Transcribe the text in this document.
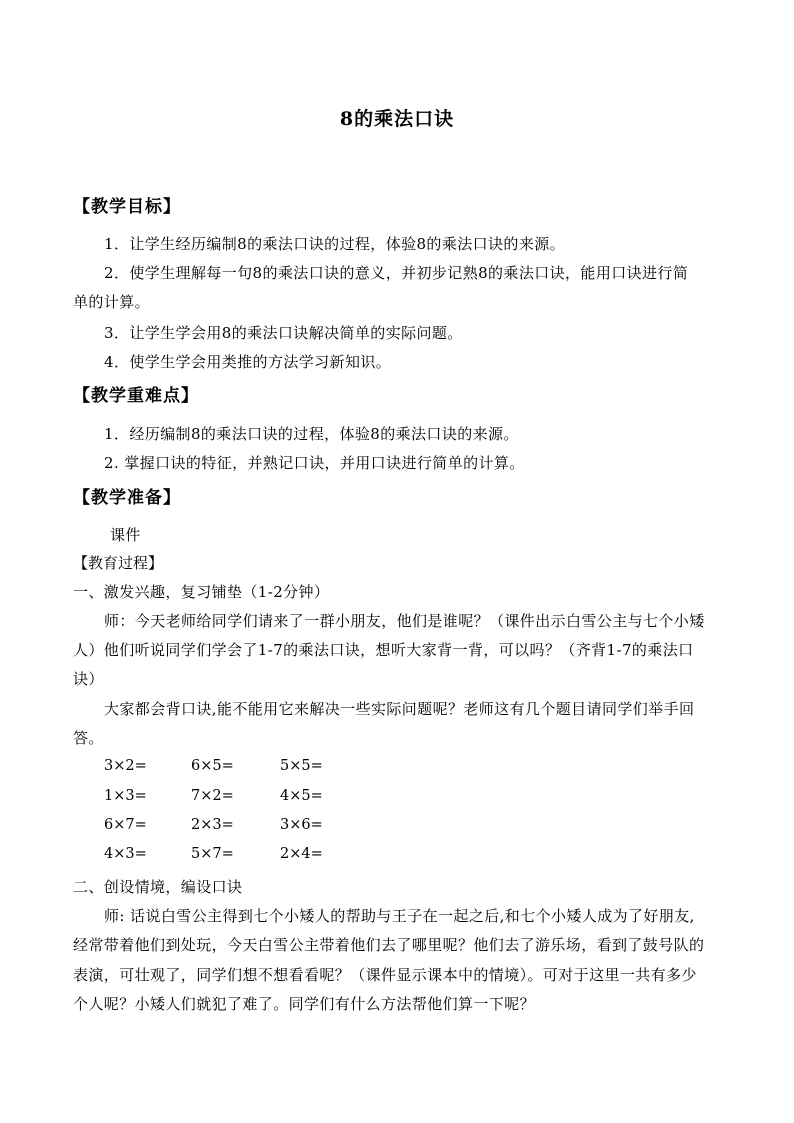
8的乘法口诀
【教学目标】
1．让学生经历编制8的乘法口诀的过程，体验8的乘法口诀的来源。
2．使学生理解每一句8的乘法口诀的意义，并初步记熟8的乘法口诀，能用口诀进行简
单的计算。
3．让学生学会用8的乘法口诀解决简单的实际问题。
4．使学生学会用类推的方法学习新知识。
【教学重难点】
1．经历编制8的乘法口诀的过程，体验8的乘法口诀的来源。
2. 掌握口诀的特征，并熟记口诀，并用口诀进行简单的计算。
【教学准备】
课件
【教育过程】
一、激发兴趣，复习铺垫（1-2分钟）
师：今天老师给同学们请来了一群小朋友，他们是谁呢？（课件出示白雪公主与七个小矮
人）他们听说同学们学会了1-7的乘法口诀，想听大家背一背，可以吗？（齐背1-7的乘法口
诀）
大家都会背口诀,能不能用它来解决一些实际问题呢？老师这有几个题目请同学们举手回
答。
3×2=	6×5=	5×5=
1×3=	7×2=	4×5=
6×7=	2×3=	3×6=
4×3=	5×7=	2×4=
二、创设情境，编设口诀
师: 话说白雪公主得到七个小矮人的帮助与王子在一起之后,和七个小矮人成为了好朋友,
经常带着他们到处玩，今天白雪公主带着他们去了哪里呢？他们去了游乐场，看到了鼓号队的
表演，可壮观了，同学们想不想看看呢？（课件显示课本中的情境）。可对于这里一共有多少
个人呢？小矮人们就犯了难了。同学们有什么方法帮他们算一下呢？
